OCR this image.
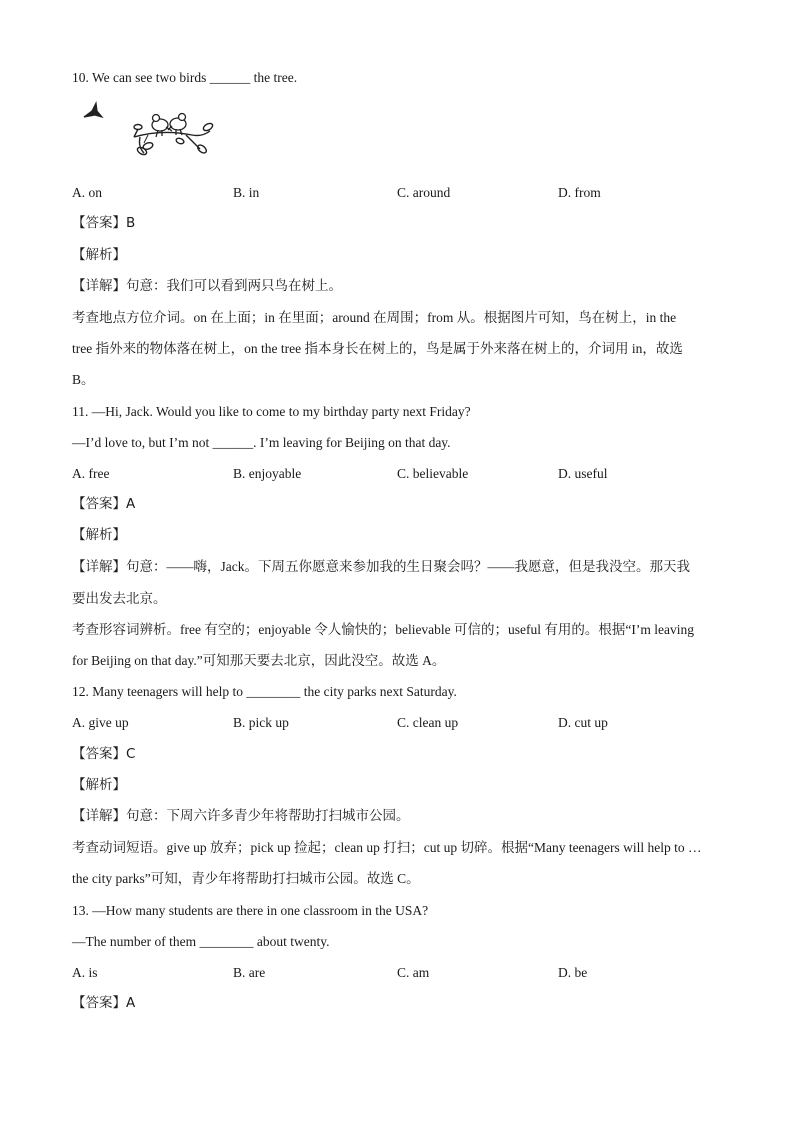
10. We can see two birds ______ the tree.
A. on	B. in	C. around	D. from
【答案】B
【解析】
【详解】句意：我们可以看到两只鸟在树上。
考查地点方位介词。on 在上面；in 在里面；around 在周围；from 从。根据图片可知，鸟在树上，in the
tree 指外来的物体落在树上，on the tree 指本身长在树上的，鸟是属于外来落在树上的，介词用 in，故选
B。
11. —Hi, Jack. Would you like to come to my birthday party next Friday?
—I’d love to, but I’m not ______. I’m leaving for Beijing on that day.
A. free	B. enjoyable	C. believable	D. useful
【答案】A
【解析】
【详解】句意：——嗨，Jack。下周五你愿意来参加我的生日聚会吗？——我愿意，但是我没空。那天我
要出发去北京。
考查形容词辨析。free 有空的；enjoyable 令人愉快的；believable 可信的；useful 有用的。根据“I’m leaving
for Beijing on that day.”可知那天要去北京，因此没空。故选 A。
12. Many teenagers will help to ________ the city parks next Saturday.
A. give up	B. pick up	C. clean up	D. cut up
【答案】C
【解析】
【详解】句意：下周六许多青少年将帮助打扫城市公园。
考查动词短语。give up 放弃；pick up 捡起；clean up 打扫；cut up 切碎。根据“Many teenagers will help to …
the city parks”可知，青少年将帮助打扫城市公园。故选 C。
13. —How many students are there in one classroom in the USA?
—The number of them ________ about twenty.
A. is	B. are	C. am	D. be
【答案】A
